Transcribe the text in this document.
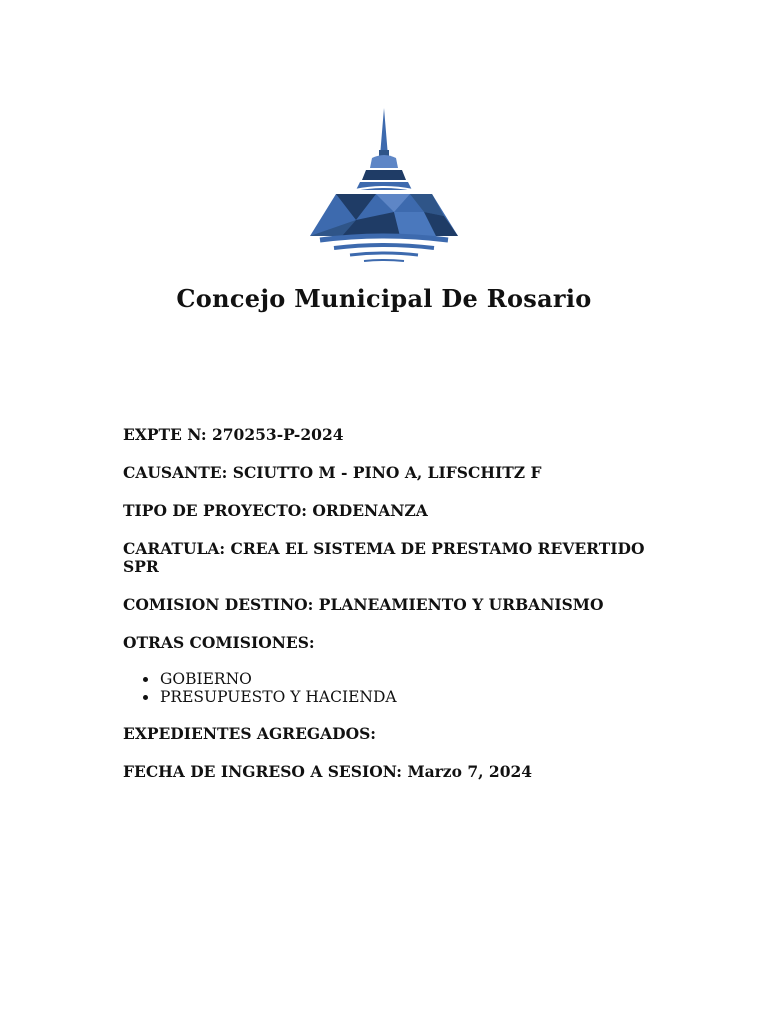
Concejo Municipal De Rosario
EXPTE N: 270253-P-2024
CAUSANTE: SCIUTTO M - PINO A, LIFSCHITZ F
TIPO DE PROYECTO: ORDENANZA
CARATULA: CREA EL SISTEMA DE PRESTAMO REVERTIDO SPR
COMISION DESTINO: PLANEAMIENTO Y URBANISMO
OTRAS COMISIONES:
GOBIERNO
PRESUPUESTO Y HACIENDA
EXPEDIENTES AGREGADOS:
FECHA DE INGRESO A SESION: Marzo 7, 2024
